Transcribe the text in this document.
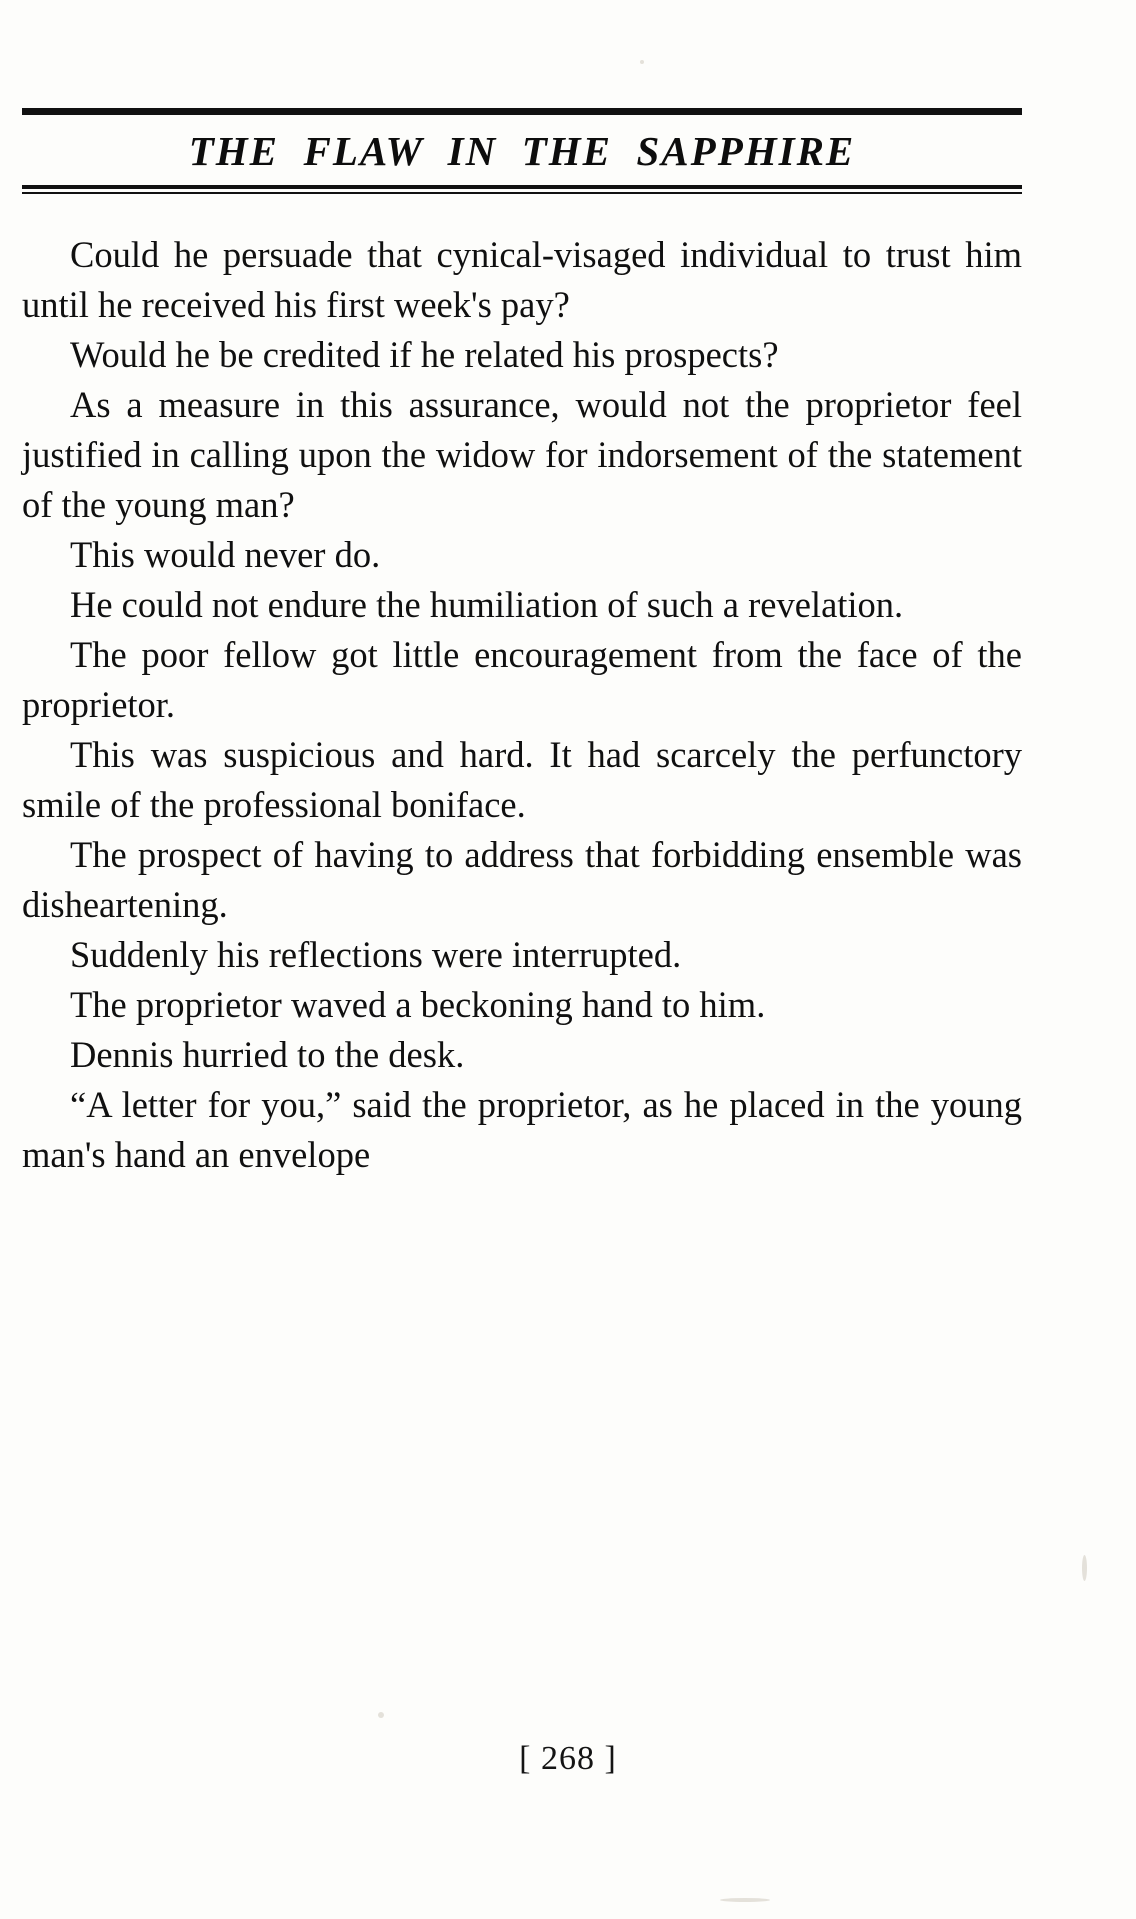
THE  FLAW  IN  THE  SAPPHIRE

Could he persuade that cynical-visaged individual to trust him until he received his first week's pay?

Would he be credited if he related his prospects?

As a measure in this assurance, would not the proprietor feel justified in calling upon the widow for indorsement of the statement of the young man?

This would never do.

He could not endure the humiliation of such a revelation.

The poor fellow got little encouragement from the face of the proprietor.

This was suspicious and hard. It had scarcely the perfunctory smile of the professional boniface.

The prospect of having to address that forbidding ensemble was disheartening.

Suddenly his reflections were interrupted.

The proprietor waved a beckoning hand to him.

Dennis hurried to the desk.

“A letter for you,” said the proprietor, as he placed in the young man's hand an envelope

[ 268 ]
